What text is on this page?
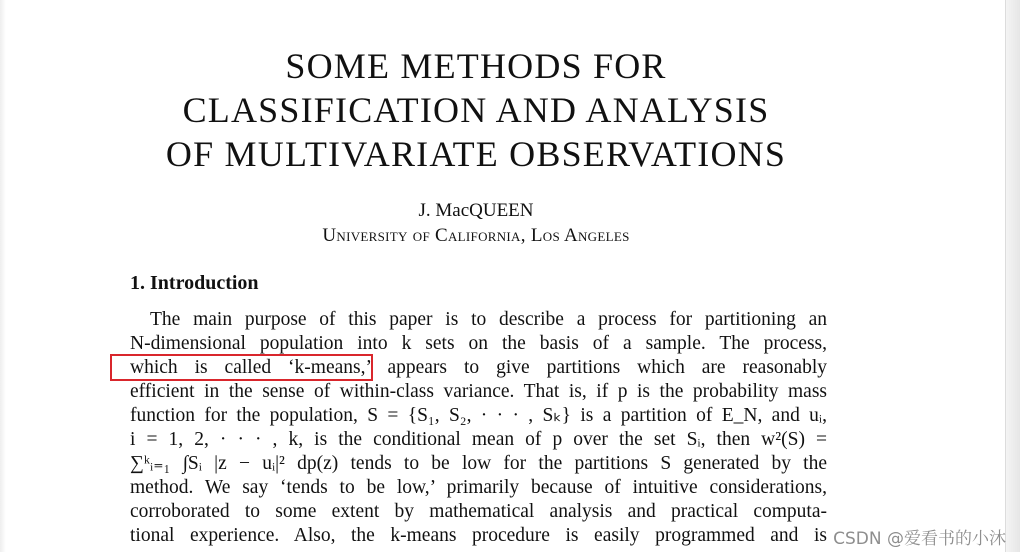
SOME METHODS FOR
CLASSIFICATION AND ANALYSIS
OF MULTIVARIATE OBSERVATIONS
J. MacQUEEN
University of California, Los Angeles
1. Introduction
The main purpose of this paper is to describe a process for partitioning an
N-dimensional population into k sets on the basis of a sample. The process,
which is called ‘k-means,’ appears to give partitions which are reasonably
efficient in the sense of within-class variance. That is, if p is the probability mass
function for the population, S = {S₁, S₂, · · · , Sₖ} is a partition of E_N, and uᵢ,
i = 1, 2, · · · , k, is the conditional mean of p over the set Sᵢ, then w²(S) =
∑ᵏᵢ₌₁ ∫Sᵢ |z − uᵢ|² dp(z) tends to be low for the partitions S generated by the
method. We say ‘tends to be low,’ primarily because of intuitive considerations,
corroborated to some extent by mathematical analysis and practical computa-
tional experience. Also, the k-means procedure is easily programmed and is CSDN @爱看书的小沐
